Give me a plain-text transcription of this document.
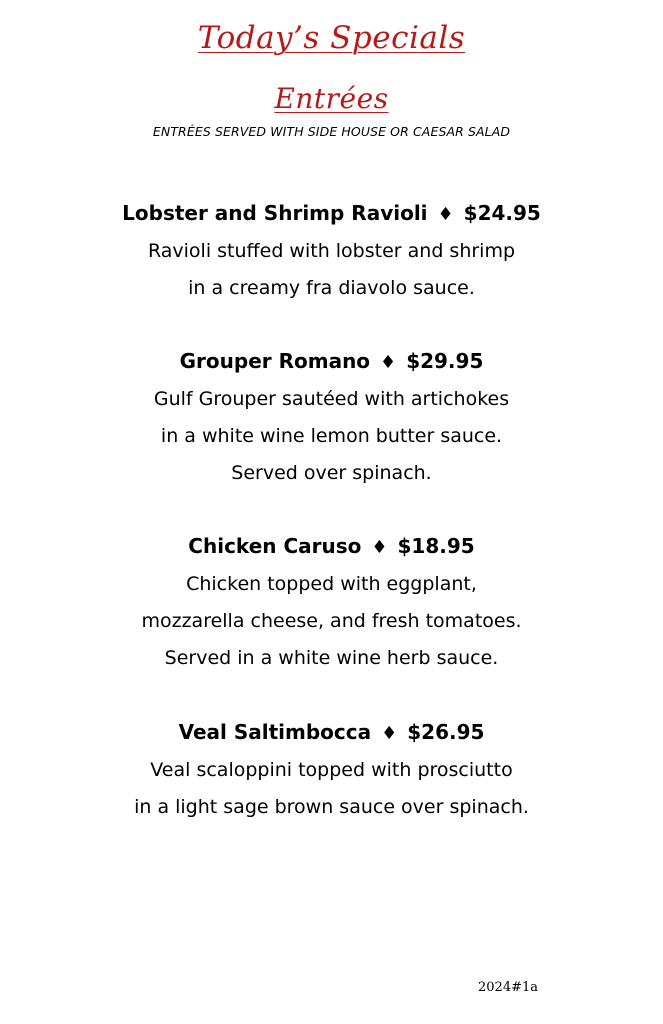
Today’s Specials
Entrées
ENTRÉES SERVED WITH SIDE HOUSE OR CAESAR SALAD
Lobster and Shrimp Ravioli ♦ $24.95
Ravioli stuffed with lobster and shrimp
in a creamy fra diavolo sauce.
Grouper Romano ♦ $29.95
Gulf Grouper sautéed with artichokes
in a white wine lemon butter sauce.
Served over spinach.
Chicken Caruso ♦ $18.95
Chicken topped with eggplant,
mozzarella cheese, and fresh tomatoes.
Served in a white wine herb sauce.
Veal Saltimbocca ♦ $26.95
Veal scaloppini topped with prosciutto
in a light sage brown sauce over spinach.
2024#1a
